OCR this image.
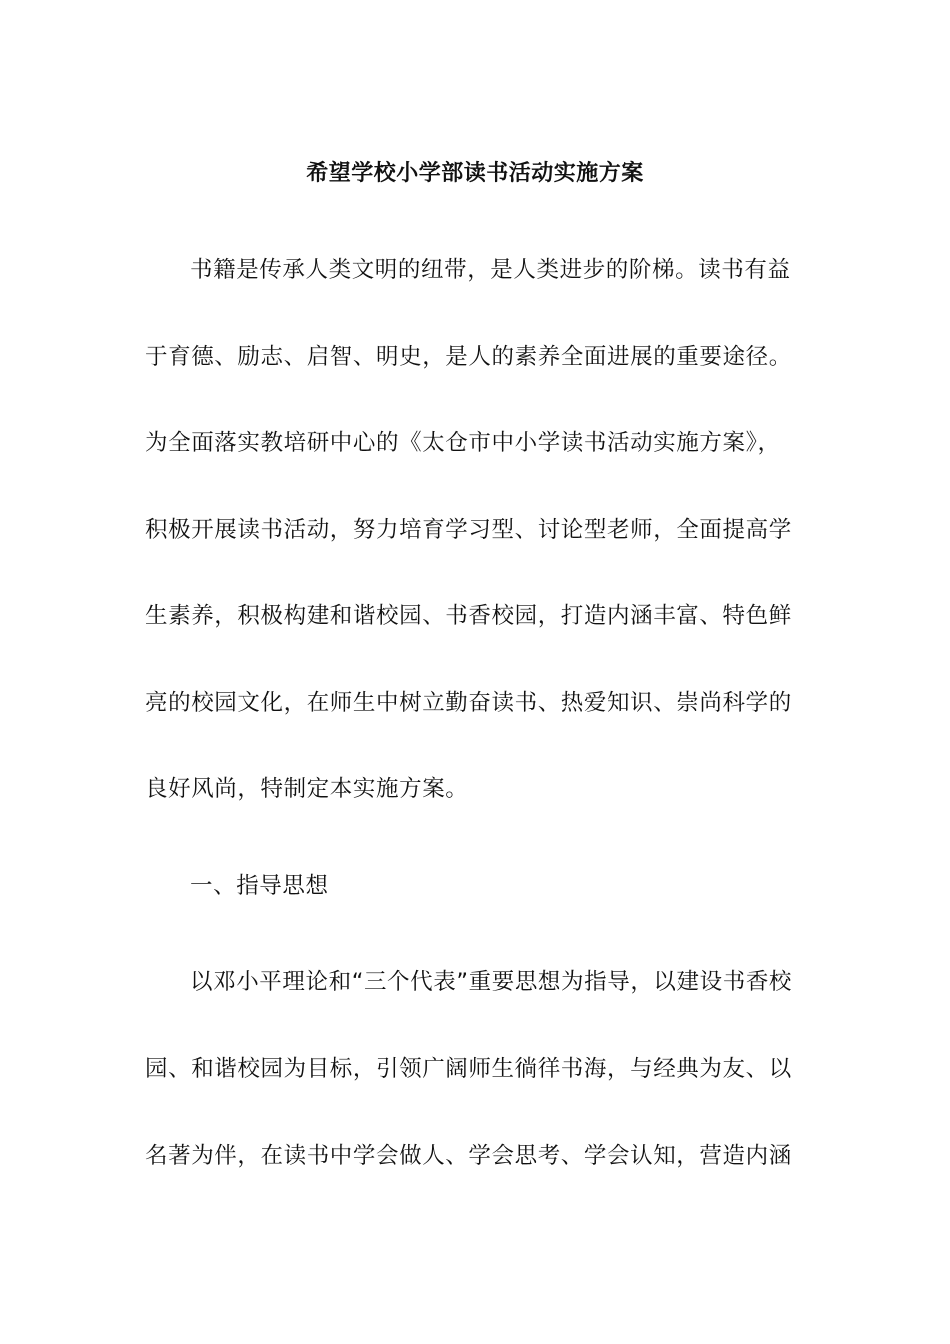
希望学校小学部读书活动实施方案
书籍是传承人类文明的纽带，是人类进步的阶梯。读书有益
于育德、励志、启智、明史，是人的素养全面进展的重要途径。
为全面落实教培研中心的《太仓市中小学读书活动实施方案》，
积极开展读书活动，努力培育学习型、讨论型老师，全面提高学
生素养，积极构建和谐校园、书香校园，打造内涵丰富、特色鲜
亮的校园文化，在师生中树立勤奋读书、热爱知识、崇尚科学的
良好风尚，特制定本实施方案。
一、指导思想
以邓小平理论和“三个代表”重要思想为指导，以建设书香校
园、和谐校园为目标，引领广阔师生徜徉书海，与经典为友、以
名著为伴，在读书中学会做人、学会思考、学会认知，营造内涵
